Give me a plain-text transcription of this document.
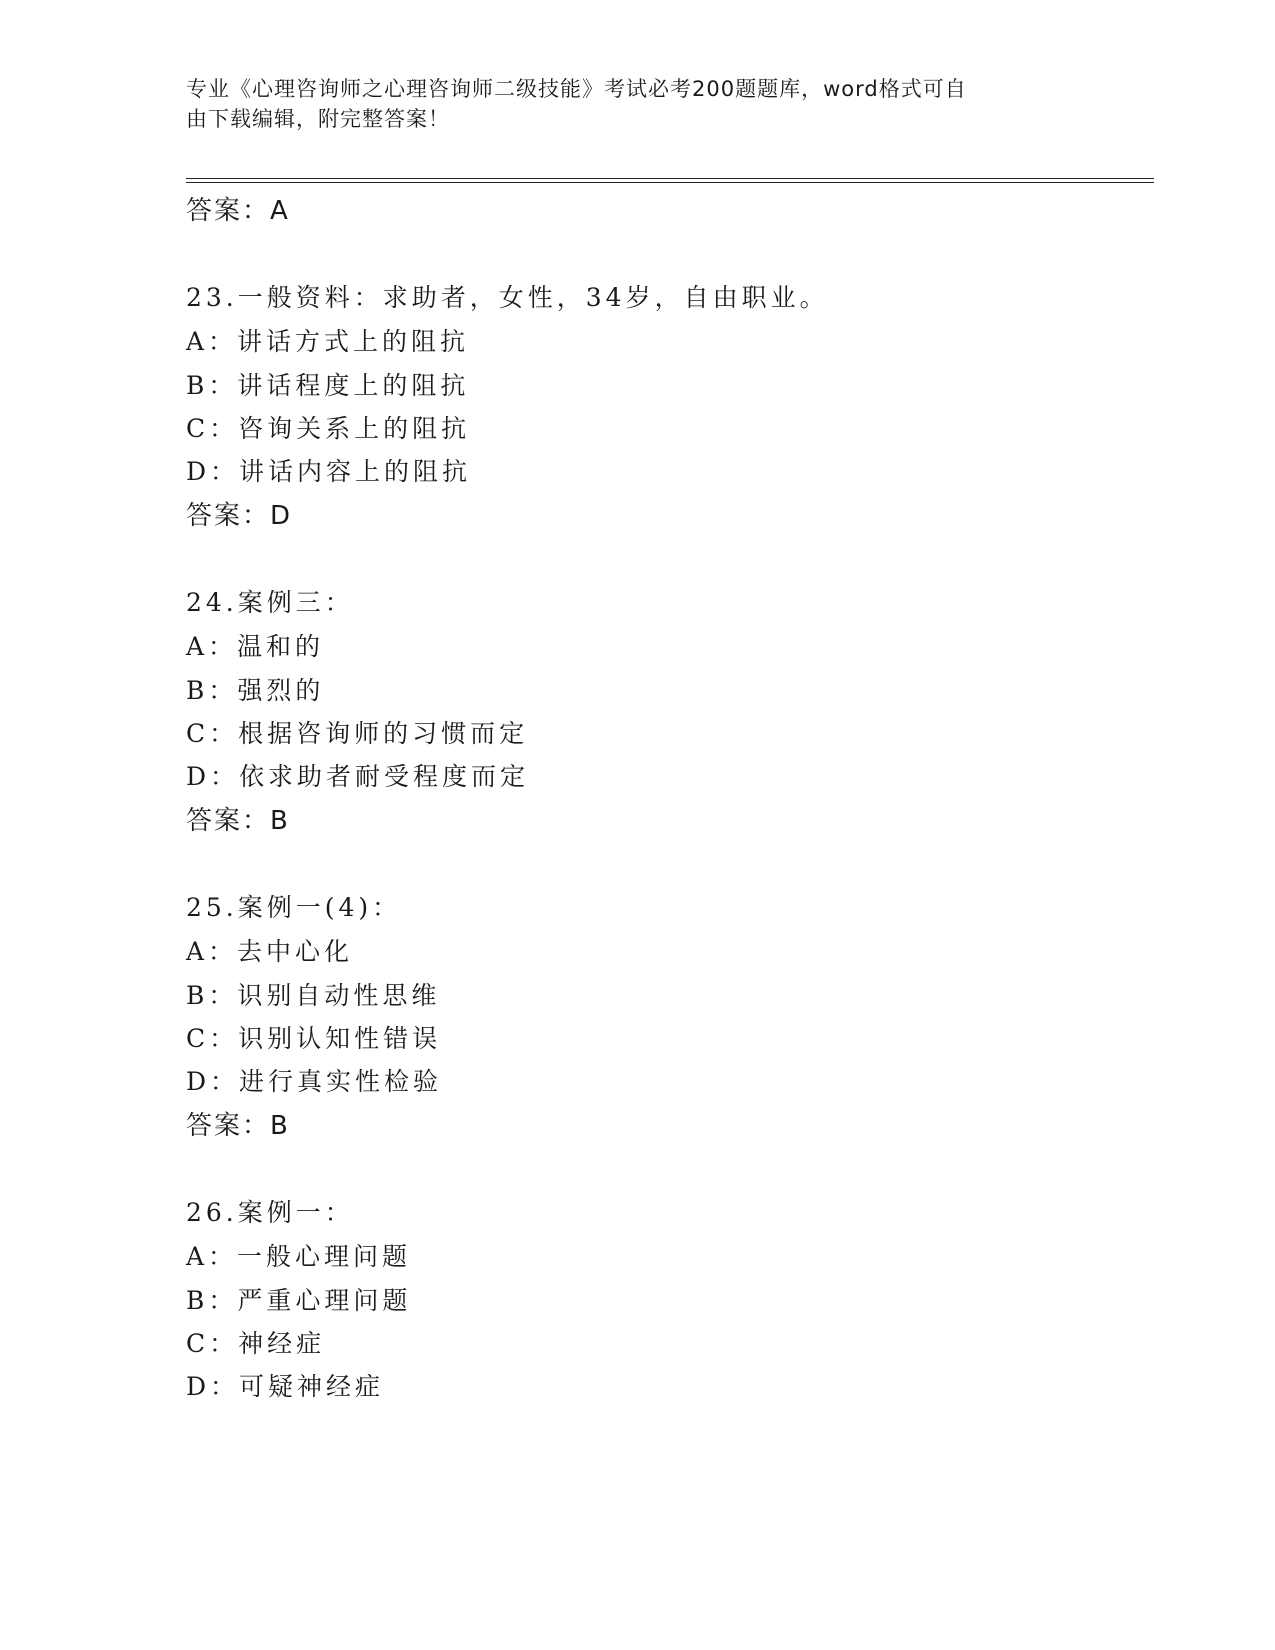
专业《心理咨询师之心理咨询师二级技能》考试必考200题题库，word格式可自
由下载编辑，附完整答案！
答案：A
23.一般资料：求助者，女性，34岁，自由职业。
A：讲话方式上的阻抗
B：讲话程度上的阻抗
C：咨询关系上的阻抗
D：讲话内容上的阻抗
答案：D
24.案例三：
A：温和的
B：强烈的
C：根据咨询师的习惯而定
D：依求助者耐受程度而定
答案：B
25.案例一(4)：
A：去中心化
B：识别自动性思维
C：识别认知性错误
D：进行真实性检验
答案：B
26.案例一：
A：一般心理问题
B：严重心理问题
C：神经症
D：可疑神经症
